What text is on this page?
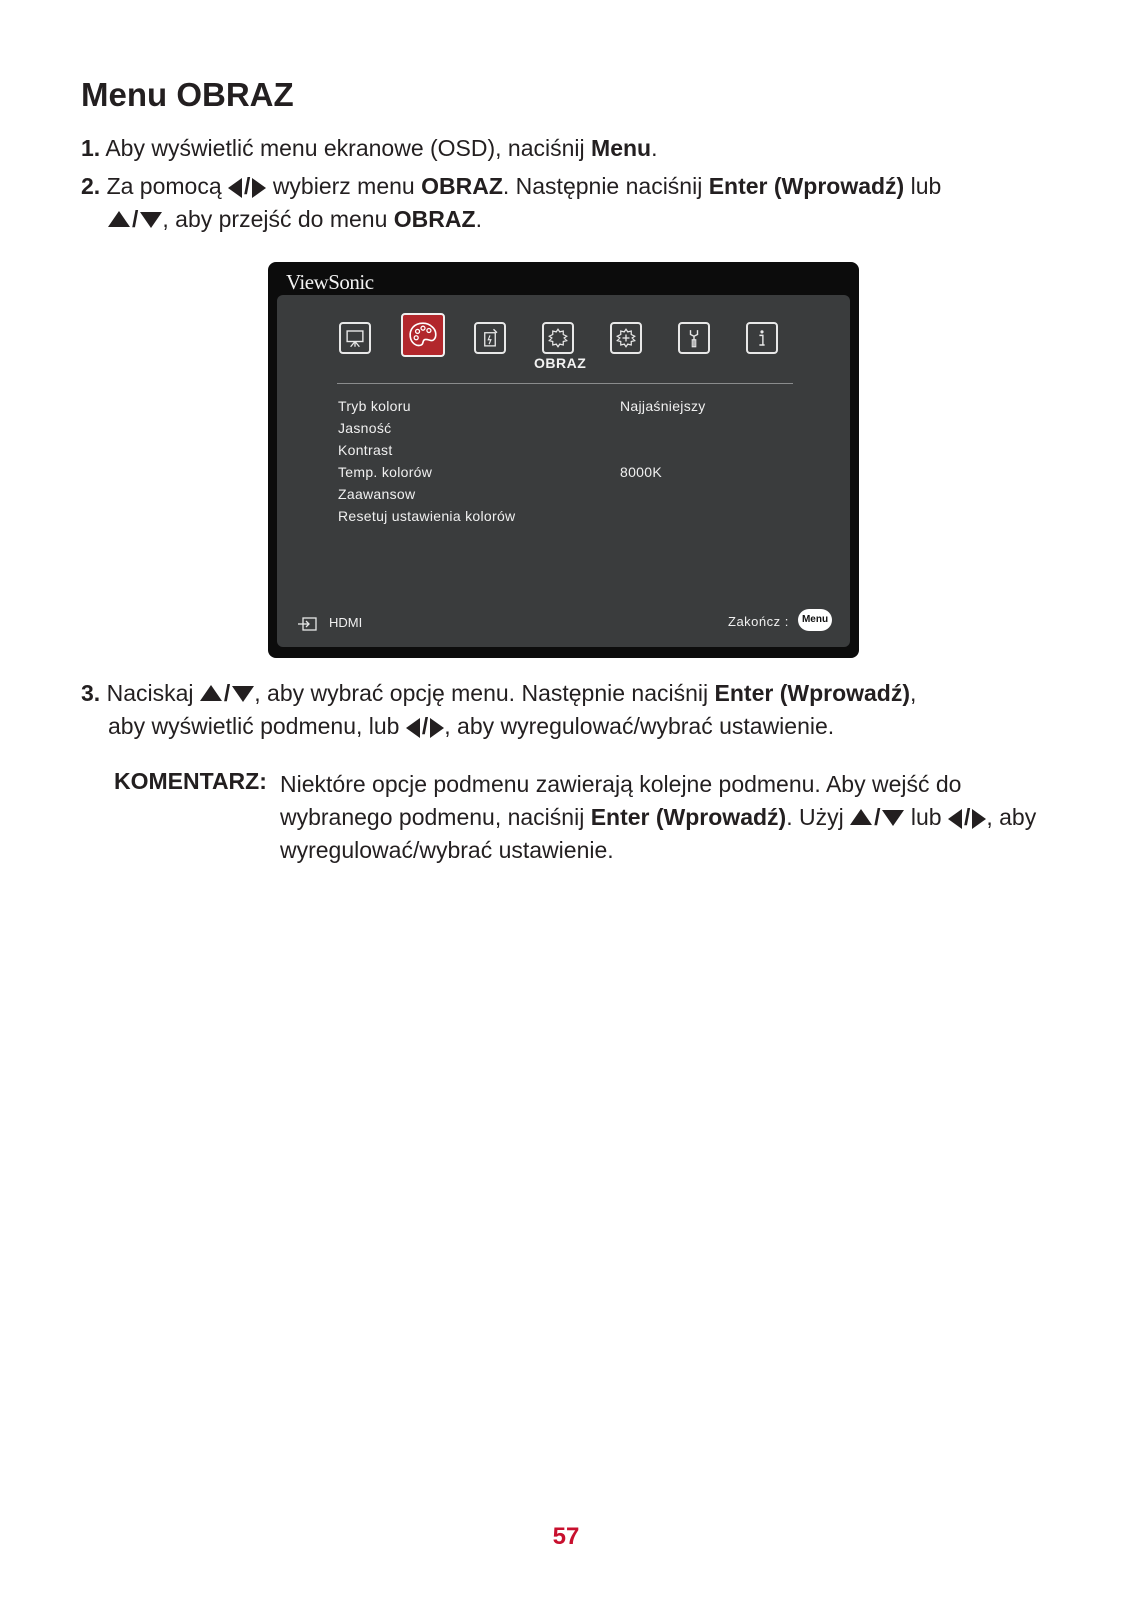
Menu OBRAZ
1. Aby wyświetlić menu ekranowe (OSD), naciśnij Menu.
2. Za pomocą / wybierz menu OBRAZ. Następnie naciśnij Enter (Wprowadź) lub
/ , aby przejść do menu OBRAZ.
ViewSonic
OBRAZ
Tryb koloru	Najjaśniejszy
Jasność
Kontrast
Temp. kolorów	8000K
Zaawansow
Resetuj ustawienia kolorów
HDMI	Zakończ :	Menu
3. Naciskaj / , aby wybrać opcję menu. Następnie naciśnij Enter (Wprowadź),
aby wyświetlić podmenu, lub / , aby wyregulować/wybrać ustawienie.
KOMENTARZ: Niektóre opcje podmenu zawierają kolejne podmenu. Aby wejść do wybranego podmenu, naciśnij Enter (Wprowadź). Użyj / lub / , aby wyregulować/wybrać ustawienie.
57
